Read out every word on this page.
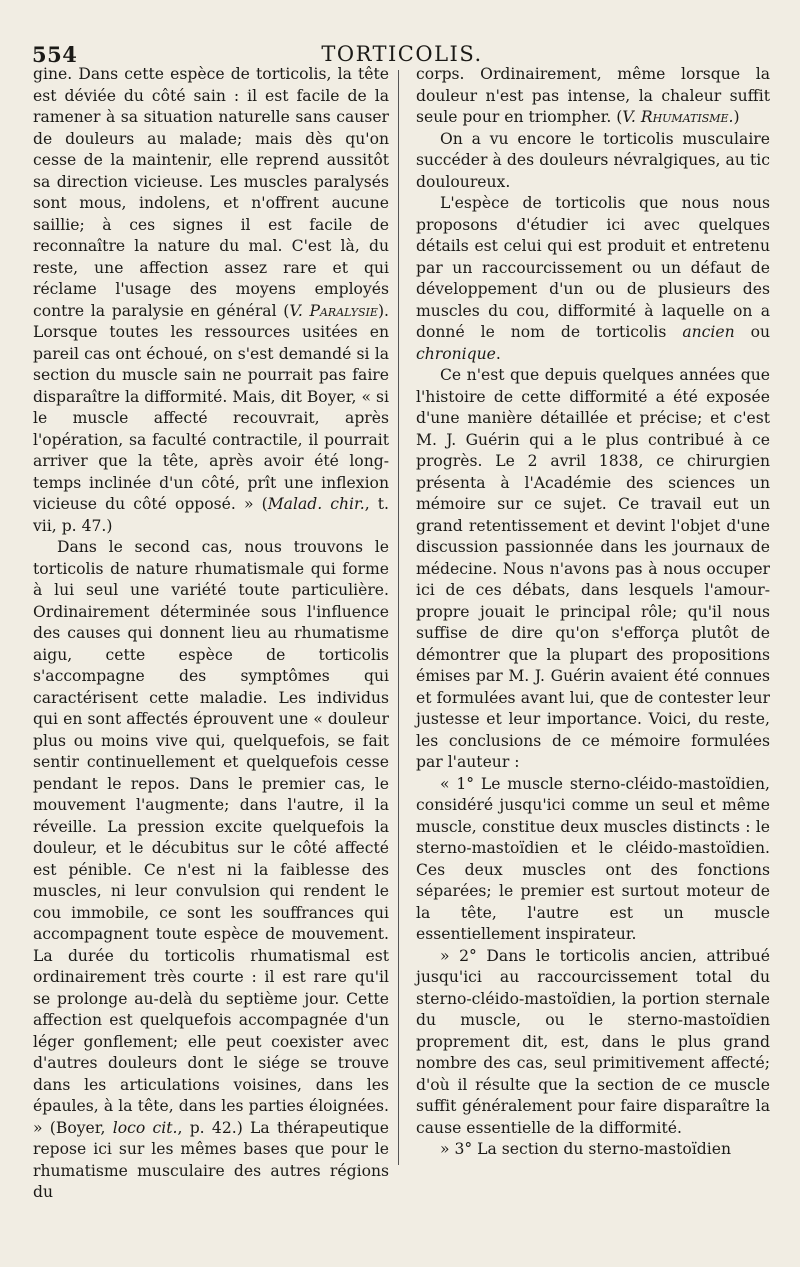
554	TORTICOLIS.

gine. Dans cette espèce de torticolis, la tête est déviée du côté sain : il est facile de la ramener à sa situation naturelle sans causer de douleurs au malade; mais dès qu'on cesse de la maintenir, elle reprend aussitôt sa direction vicieuse. Les muscles paralysés sont mous, indolens, et n'offrent aucune saillie; à ces signes il est facile de reconnaître la nature du mal. C'est là, du reste, une affection assez rare et qui réclame l'usage des moyens employés contre la paralysie en général (V. Paralysie). Lorsque toutes les ressources usitées en pareil cas ont échoué, on s'est demandé si la section du muscle sain ne pourrait pas faire disparaître la difformité. Mais, dit Boyer, « si le muscle affecté recouvrait, après l'opération, sa faculté contractile, il pourrait arriver que la tête, après avoir été long-temps inclinée d'un côté, prît une inflexion vicieuse du côté opposé. » (Malad. chir., t. vii, p. 47.)

Dans le second cas, nous trouvons le torticolis de nature rhumatismale qui forme à lui seul une variété toute particulière. Ordinairement déterminée sous l'influence des causes qui donnent lieu au rhumatisme aigu, cette espèce de torticolis s'accompagne des symptômes qui caractérisent cette maladie. Les individus qui en sont affectés éprouvent une « douleur plus ou moins vive qui, quelquefois, se fait sentir continuellement et quelquefois cesse pendant le repos. Dans le premier cas, le mouvement l'augmente; dans l'autre, il la réveille. La pression excite quelquefois la douleur, et le décubitus sur le côté affecté est pénible. Ce n'est ni la faiblesse des muscles, ni leur convulsion qui rendent le cou immobile, ce sont les souffrances qui accompagnent toute espèce de mouvement. La durée du torticolis rhumatismal est ordinairement très courte : il est rare qu'il se prolonge au-delà du septième jour. Cette affection est quelquefois accompagnée d'un léger gonflement; elle peut coexister avec d'autres douleurs dont le siége se trouve dans les articulations voisines, dans les épaules, à la tête, dans les parties éloignées. » (Boyer, loco cit., p. 42.) La thérapeutique repose ici sur les mêmes bases que pour le rhumatisme musculaire des autres régions du

corps. Ordinairement, même lorsque la douleur n'est pas intense, la chaleur suffit seule pour en triompher. (V. Rhumatisme.)

On a vu encore le torticolis musculaire succéder à des douleurs névralgiques, au tic douloureux.

L'espèce de torticolis que nous nous proposons d'étudier ici avec quelques détails est celui qui est produit et entretenu par un raccourcissement ou un défaut de développement d'un ou de plusieurs des muscles du cou, difformité à laquelle on a donné le nom de torticolis ancien ou chronique.

Ce n'est que depuis quelques années que l'histoire de cette difformité a été exposée d'une manière détaillée et précise; et c'est M. J. Guérin qui a le plus contribué à ce progrès. Le 2 avril 1838, ce chirurgien présenta à l'Académie des sciences un mémoire sur ce sujet. Ce travail eut un grand retentissement et devint l'objet d'une discussion passionnée dans les journaux de médecine. Nous n'avons pas à nous occuper ici de ces débats, dans lesquels l'amour-propre jouait le principal rôle; qu'il nous suffise de dire qu'on s'efforça plutôt de démontrer que la plupart des propositions émises par M. J. Guérin avaient été connues et formulées avant lui, que de contester leur justesse et leur importance. Voici, du reste, les conclusions de ce mémoire formulées par l'auteur :

« 1° Le muscle sterno-cléido-mastoïdien, considéré jusqu'ici comme un seul et même muscle, constitue deux muscles distincts : le sterno-mastoïdien et le cléido-mastoïdien. Ces deux muscles ont des fonctions séparées; le premier est surtout moteur de la tête, l'autre est un muscle essentiellement inspirateur.

» 2° Dans le torticolis ancien, attribué jusqu'ici au raccourcissement total du sterno-cléido-mastoïdien, la portion sternale du muscle, ou le sterno-mastoïdien proprement dit, est, dans le plus grand nombre des cas, seul primitivement affecté; d'où il résulte que la section de ce muscle suffit généralement pour faire disparaître la cause essentielle de la difformité.

» 3° La section du sterno-mastoïdien
